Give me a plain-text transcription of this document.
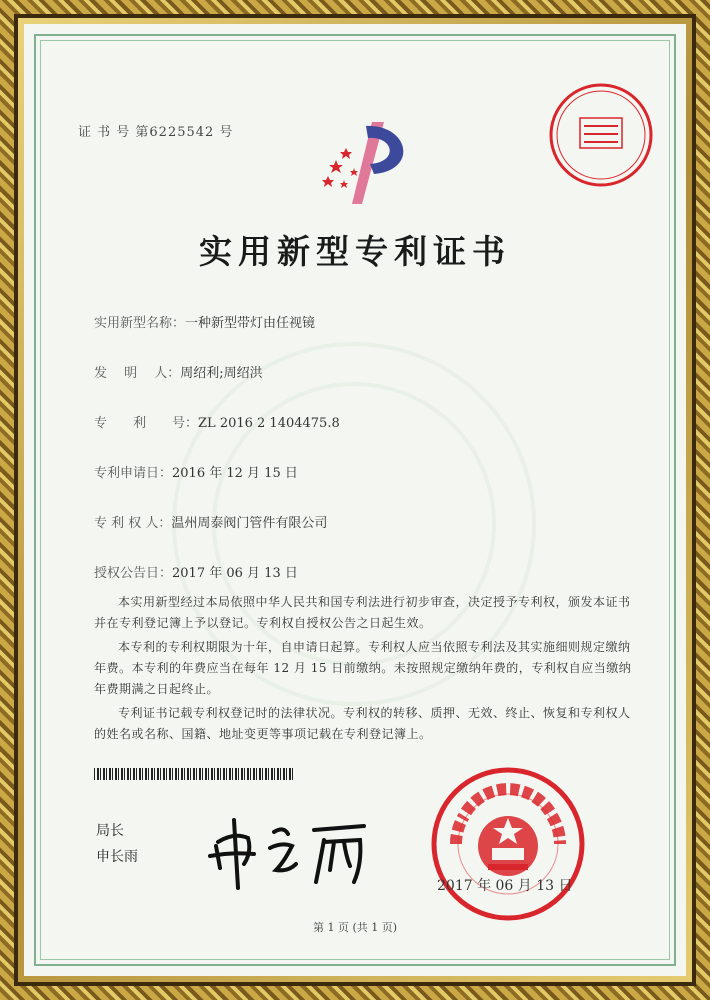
证 书 号 第6225542 号
实用新型专利证书
实用新型名称：一种新型带灯由任视镜
发　 明　 人：周绍利;周绍洪
专　　利　　号：ZL 2016 2 1404475.8
专利申请日：2016 年 12 月 15 日
专 利 权 人：温州周泰阀门管件有限公司
授权公告日：2017 年 06 月 13 日

本实用新型经过本局依照中华人民共和国专利法进行初步审查，决定授予专利权，颁发本证书并在专利登记簿上予以登记。专利权自授权公告之日起生效。

本专利的专利权期限为十年，自申请日起算。专利权人应当依照专利法及其实施细则规定缴纳年费。本专利的年费应当在每年 12 月 15 日前缴纳。未按照规定缴纳年费的，专利权自应当缴纳年费期满之日起终止。

专利证书记载专利权登记时的法律状况。专利权的转移、质押、无效、终止、恢复和专利权人的姓名或名称、国籍、地址变更等事项记载在专利登记簿上。

局长
申长雨
2017 年 06 月 13 日
第 1 页 (共 1 页)
